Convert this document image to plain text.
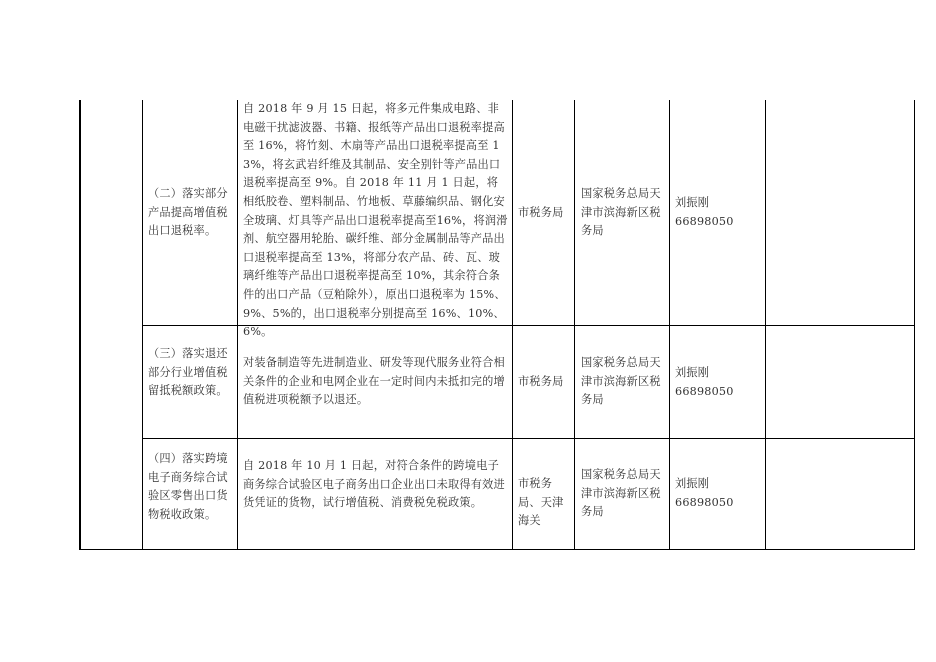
（二）落实部分产品提高增值税出口退税率。
自 2018 年 9 月 15 日起，将多元件集成电路、非电磁干扰滤波器、书籍、报纸等产品出口退税率提高至 16%，将竹刻、木扇等产品出口退税率提高至 13%，将玄武岩纤维及其制品、安全别针等产品出口退税率提高至 9%。自 2018 年 11 月 1 日起，将相纸胶卷、塑料制品、竹地板、草藤编织品、钢化安全玻璃、灯具等产品出口退税率提高至16%，将润滑剂、航空器用轮胎、碳纤维、部分金属制品等产品出口退税率提高至 13%，将部分农产品、砖、瓦、玻璃纤维等产品出口退税率提高至 10%，其余符合条件的出口产品（豆粕除外），原出口退税率为 15%、9%、5%的，出口退税率分别提高至 16%、10%、6%。
市税务局
国家税务总局天津市滨海新区税务局
刘振刚
66898050
（三）落实退还部分行业增值税留抵税额政策。
对装备制造等先进制造业、研发等现代服务业符合相关条件的企业和电网企业在一定时间内未抵扣完的增值税进项税额予以退还。
市税务局
国家税务总局天津市滨海新区税务局
刘振刚
66898050
（四）落实跨境电子商务综合试验区零售出口货物税收政策。
自 2018 年 10 月 1 日起，对符合条件的跨境电子商务综合试验区电子商务出口企业出口未取得有效进货凭证的货物，试行增值税、消费税免税政策。
市税务局、天津海关
国家税务总局天津市滨海新区税务局
刘振刚
66898050
